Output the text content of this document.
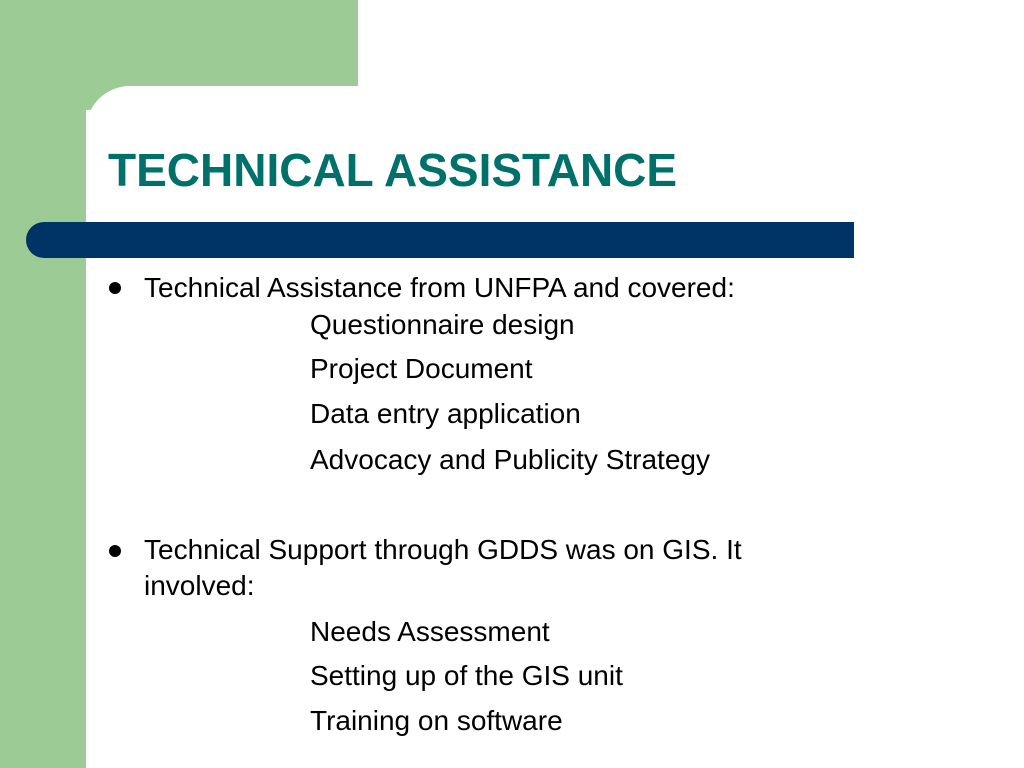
TECHNICAL ASSISTANCE
Technical Assistance from UNFPA and covered:
Questionnaire design
Project Document
Data entry application
Advocacy and Publicity Strategy
Technical Support through GDDS was on GIS. It
involved:
Needs Assessment
Setting up of the GIS unit
Training on software
